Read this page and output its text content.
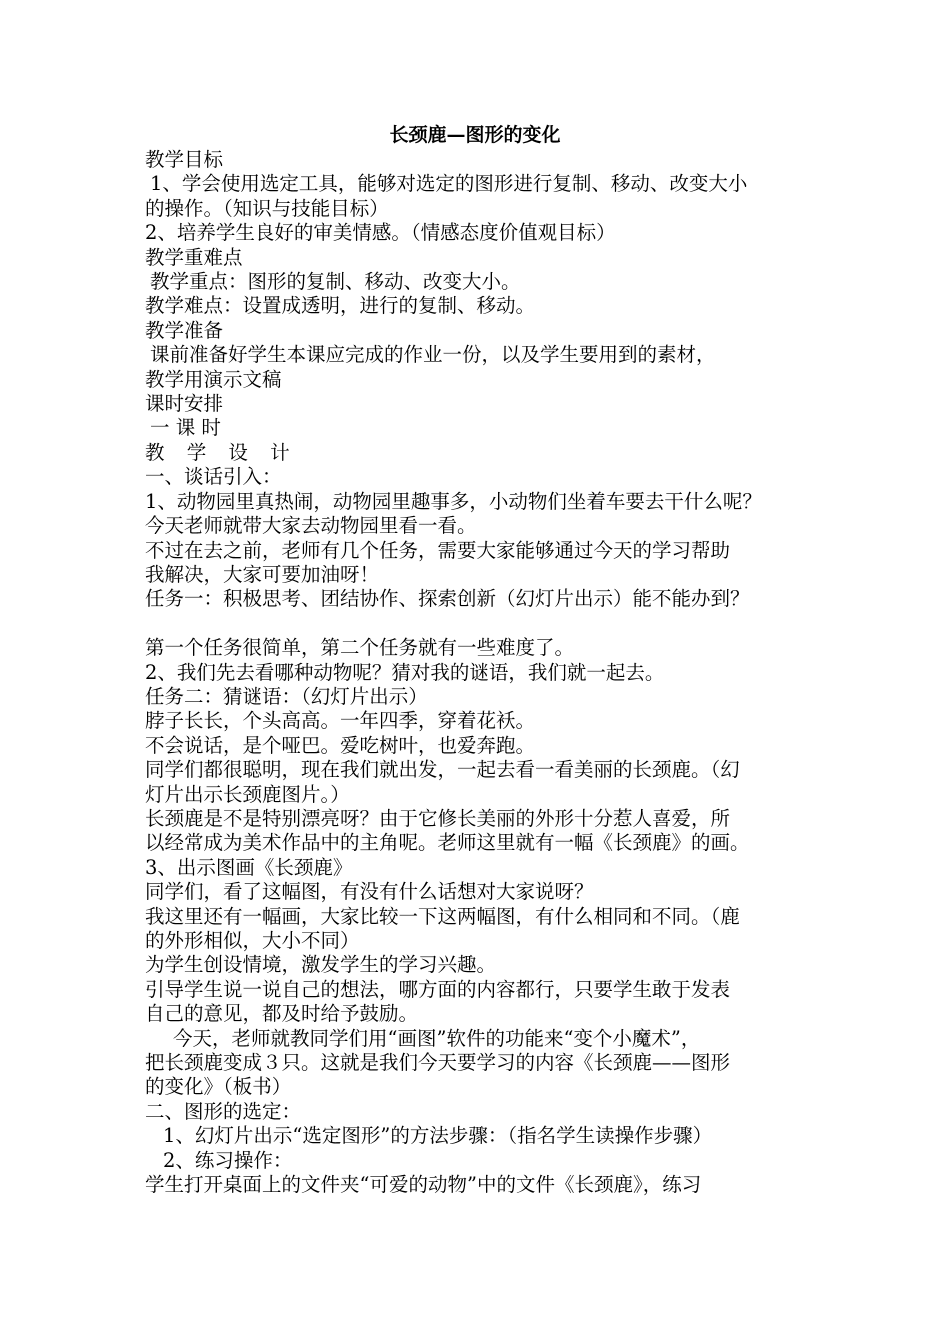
长颈鹿—图形的变化

教学目标

1、学会使用选定工具，能够对选定的图形进行复制、移动、改变大小

的操作。（知识与技能目标）

2、培养学生良好的审美情感。（情感态度价值观目标）

教学重难点

教学重点：图形的复制、移动、改变大小。

教学难点：设置成透明，进行的复制、移动。

教学准备

课前准备好学生本课应完成的作业一份，以及学生要用到的素材，

教学用演示文稿

课时安排

一 课 时

教 学 设 计

一、谈话引入：

1、动物园里真热闹，动物园里趣事多，小动物们坐着车要去干什么呢？

今天老师就带大家去动物园里看一看。

不过在去之前，老师有几个任务，需要大家能够通过今天的学习帮助

我解决，大家可要加油呀！

任务一：积极思考、团结协作、探索创新（幻灯片出示）能不能办到？

第一个任务很简单，第二个任务就有一些难度了。

2、我们先去看哪种动物呢？猜对我的谜语，我们就一起去。

任务二：猜谜语：（幻灯片出示）

脖子长长，个头高高。一年四季，穿着花袄。

不会说话，是个哑巴。爱吃树叶，也爱奔跑。

同学们都很聪明，现在我们就出发，一起去看一看美丽的长颈鹿。（幻

灯片出示长颈鹿图片。）

长颈鹿是不是特别漂亮呀？由于它修长美丽的外形十分惹人喜爱，所

以经常成为美术作品中的主角呢。老师这里就有一幅《长颈鹿》的画。

3、出示图画《长颈鹿》

同学们，看了这幅图，有没有什么话想对大家说呀？

我这里还有一幅画，大家比较一下这两幅图，有什么相同和不同。（鹿

的外形相似，大小不同）

为学生创设情境，激发学生的学习兴趣。

引导学生说一说自己的想法，哪方面的内容都行，只要学生敢于发表

自己的意见，都及时给予鼓励。

今天，老师就教同学们用“画图”软件的功能来“变个小魔术”，

把长颈鹿变成３只。这就是我们今天要学习的内容《长颈鹿——图形

的变化》（板书）

二、图形的选定：

1、幻灯片出示“选定图形”的方法步骤：（指名学生读操作步骤）

2、练习操作：

学生打开桌面上的文件夹“可爱的动物”中的文件《长颈鹿》，练习
